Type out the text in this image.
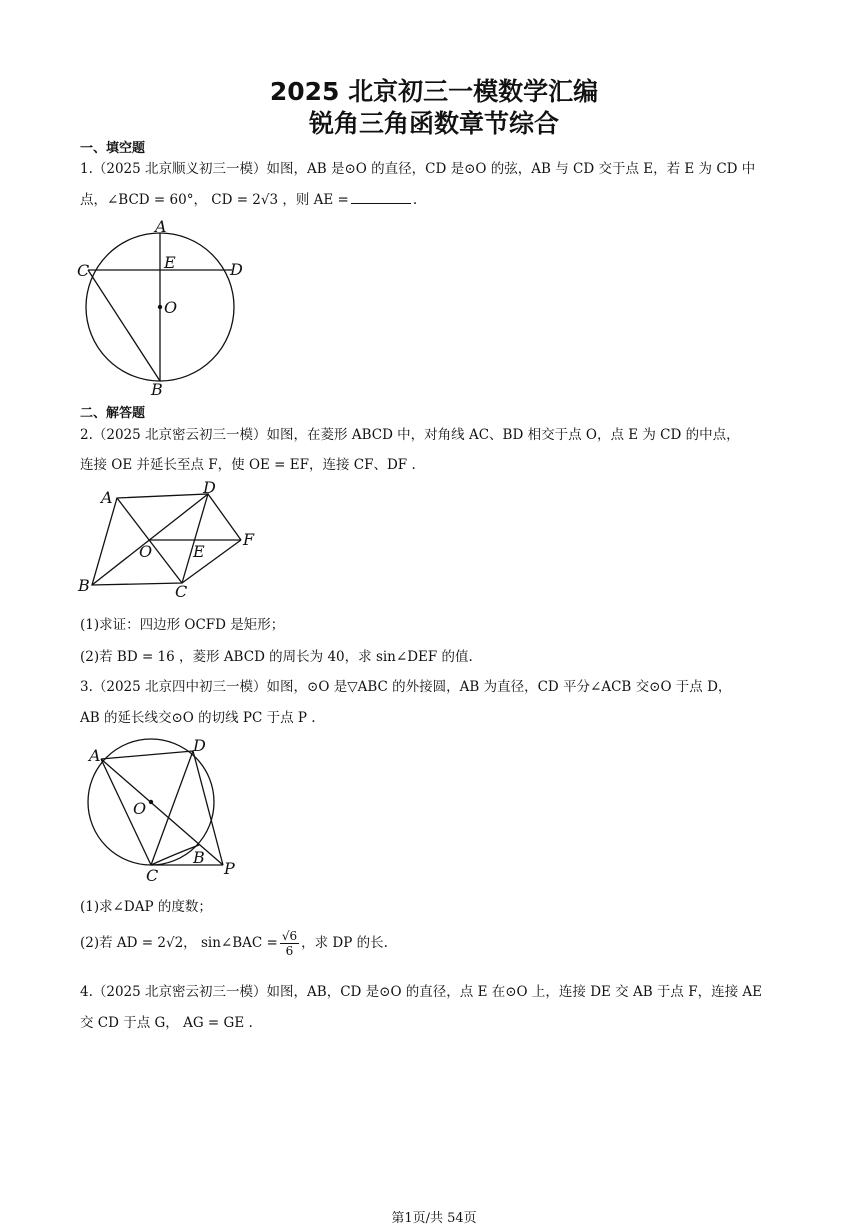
2025 北京初三一模数学汇编
锐角三角函数章节综合
一、填空题
1.（2025 北京顺义初三一模）如图，AB 是⊙O 的直径，CD 是⊙O 的弦，AB 与 CD 交于点 E，若 E 为 CD 中
点，∠BCD = 60°， CD = 2√3 ，则 AE =	.
A
C	E	D
O
B
二、解答题
2.（2025 北京密云初三一模）如图，在菱形 ABCD 中，对角线 AC、BD 相交于点 O，点 E 为 CD 的中点，
连接 OE 并延长至点 F，使 OE = EF，连接 CF、DF .
A
D
O	E
F
B	C
(1)求证：四边形 OCFD 是矩形；
(2)若 BD = 16 ，菱形 ABCD 的周长为 40，求 sin∠DEF 的值.
3.（2025 北京四中初三一模）如图，⊙O 是▽ABC 的外接圆，AB 为直径，CD 平分∠ACB 交⊙O 于点 D，
AB 的延长线交⊙O 的切线 PC 于点 P .
A
D
O
B
C	P
(1)求∠DAP 的度数；
(2)若 AD = 2√2， sin∠BAC = $\frac{√6}{6}$ ，求 DP 的长.
4.（2025 北京密云初三一模）如图，AB，CD 是⊙O 的直径，点 E 在⊙O 上，连接 DE 交 AB 于点 F，连接 AE
交 CD 于点 G， AG = GE .
第1页/共 54页
